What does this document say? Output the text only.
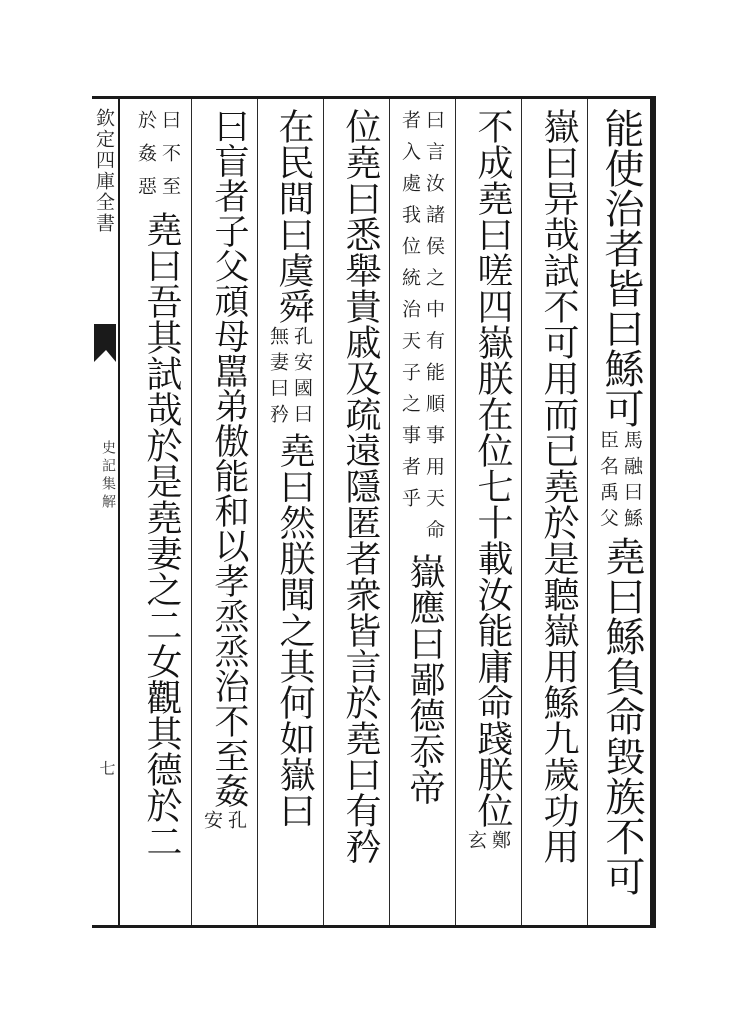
欽定四庫全書
史記集解
七
能使治者皆曰鯀可
馬融曰鯀
臣名禹父
堯曰鯀負命毀族不可
嶽曰异哉試不可用而已堯於是聽嶽用鯀九歲功用
不成堯曰嗟四嶽朕在位七十載汝能庸命踐朕位
鄭
玄
曰言汝諸侯之中有能順事用天命
者入處我位統治天子之事者乎
嶽應曰鄙德忝帝
位堯曰悉舉貴戚及疏遠隱匿者衆皆言於堯曰有矜
在民間曰虞舜
孔安國曰
無妻曰矜
堯曰然朕聞之其何如嶽曰
曰盲者子父頑母嚚弟傲能和以孝烝烝治不至姦
孔
安
曰不至
於姦惡
堯曰吾其試哉於是堯妻之二女觀其德於二
